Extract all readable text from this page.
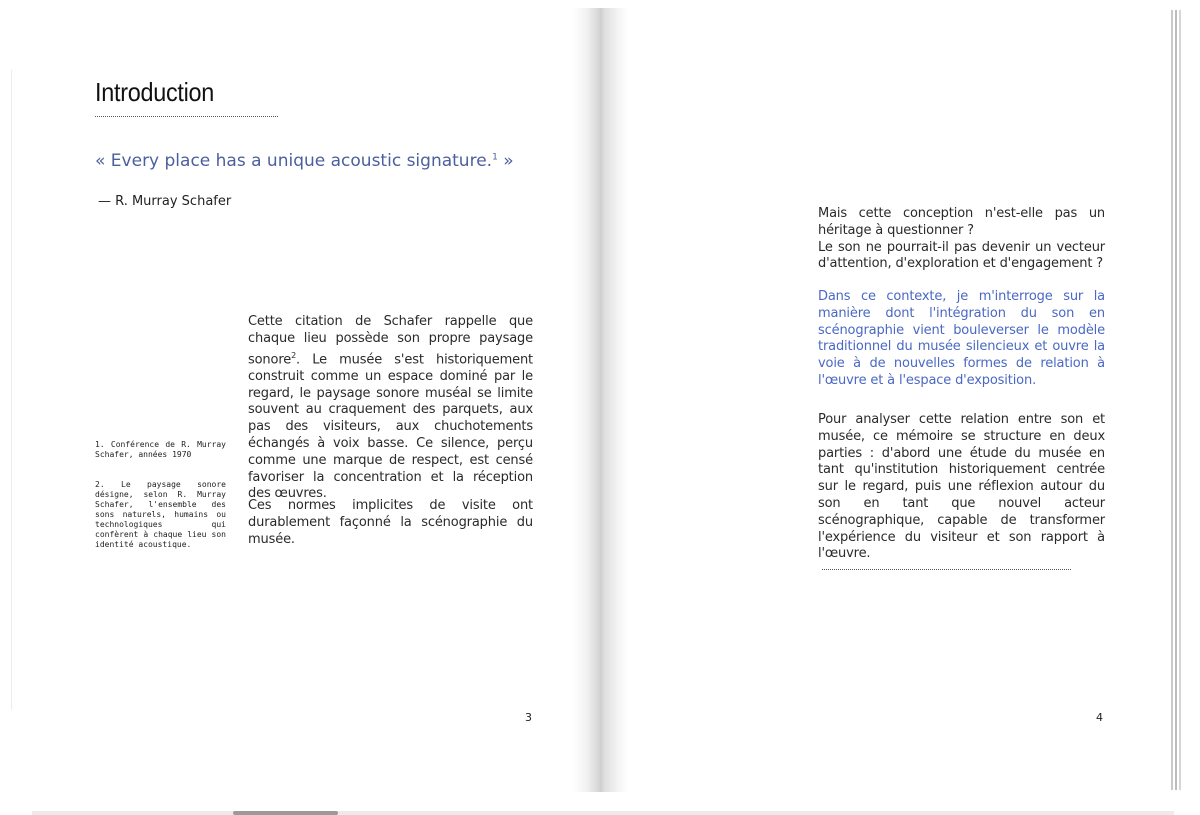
Introduction
« Every place has a unique acoustic signature.$^1$ »
— R. Murray Schafer

Cette citation de Schafer rappelle que chaque lieu possède son propre paysage sonore$^2$. Le musée s'est historiquement construit comme un espace dominé par le regard, le paysage sonore muséal se limite souvent au craquement des parquets, aux pas des visiteurs, aux chuchotements échangés à voix basse. Ce silence, perçu comme une marque de respect, est censé favoriser la concentration et la réception des œuvres.

Ces normes implicites de visite ont durablement façonné la scénographie du musée.

1. Conférence de R. Murray Schafer, années 1970
2. Le paysage sonore désigne, selon R. Murray Schafer, l'ensemble des sons naturels, humains ou technologiques qui confèrent à chaque lieu son identité acoustique.
3

Mais cette conception n'est-elle pas un héritage à questionner ?

Le son ne pourrait-il pas devenir un vecteur d'attention, d'exploration et d'engagement ?

Dans ce contexte, je m'interroge sur la manière dont l'intégration du son en scénographie vient bouleverser le modèle traditionnel du musée silencieux et ouvre la voie à de nouvelles formes de relation à l'œuvre et à l'espace d'exposition.

Pour analyser cette relation entre son et musée, ce mémoire se structure en deux parties : d'abord une étude du musée en tant qu'institution historiquement centrée sur le regard, puis une réflexion autour du son en tant que nouvel acteur scénographique, capable de transformer l'expérience du visiteur et son rapport à l'œuvre.

4
